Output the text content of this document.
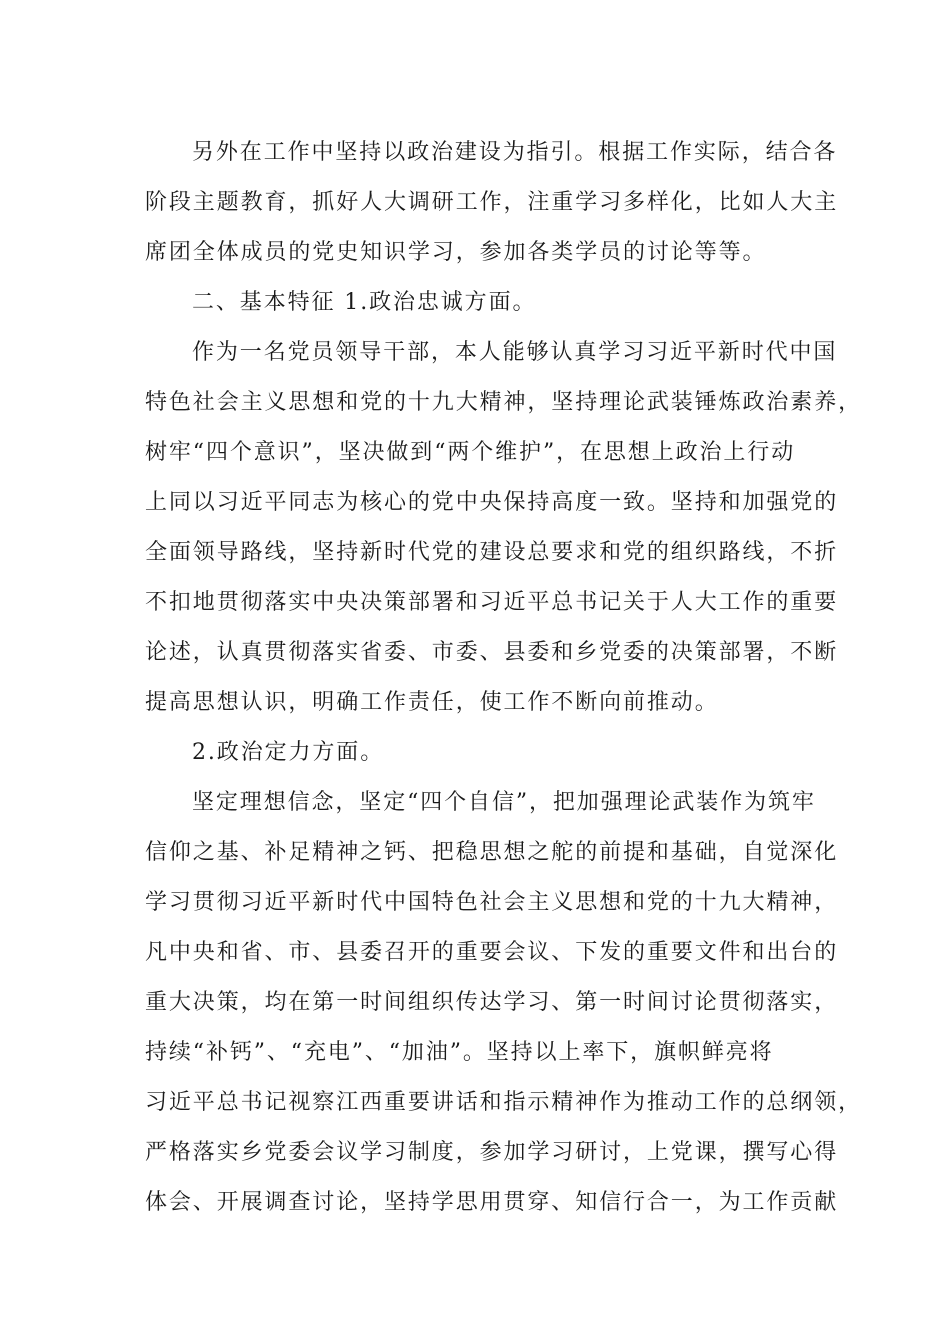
另外在工作中坚持以政治建设为指引。根据工作实际，结合各
阶段主题教育，抓好人大调研工作，注重学习多样化，比如人大主
席团全体成员的党史知识学习，参加各类学员的讨论等等。
二、基本特征 1.政治忠诚方面。
作为一名党员领导干部，本人能够认真学习习近平新时代中国
特色社会主义思想和党的十九大精神，坚持理论武装锤炼政治素养，
树牢“四个意识”，坚决做到“两个维护”，在思想上政治上行动
上同以习近平同志为核心的党中央保持高度一致。坚持和加强党的
全面领导路线，坚持新时代党的建设总要求和党的组织路线，不折
不扣地贯彻落实中央决策部署和习近平总书记关于人大工作的重要
论述，认真贯彻落实省委、市委、县委和乡党委的决策部署，不断
提高思想认识，明确工作责任，使工作不断向前推动。
2.政治定力方面。
坚定理想信念，坚定“四个自信”，把加强理论武装作为筑牢
信仰之基、补足精神之钙、把稳思想之舵的前提和基础，自觉深化
学习贯彻习近平新时代中国特色社会主义思想和党的十九大精神，
凡中央和省、市、县委召开的重要会议、下发的重要文件和出台的
重大决策，均在第一时间组织传达学习、第一时间讨论贯彻落实，
持续“补钙”、“充电”、“加油”。坚持以上率下，旗帜鲜亮将
习近平总书记视察江西重要讲话和指示精神作为推动工作的总纲领，
严格落实乡党委会议学习制度，参加学习研讨，上党课，撰写心得
体会、开展调查讨论，坚持学思用贯穿、知信行合一，为工作贡献
